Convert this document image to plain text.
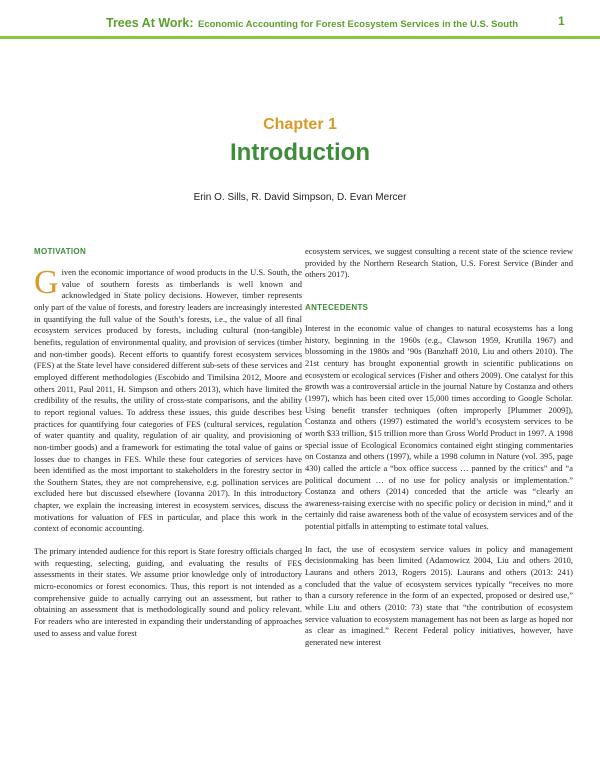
Trees At Work: Economic Accounting for Forest Ecosystem Services in the U.S. South	1
Chapter 1
Introduction
Erin O. Sills, R. David Simpson, D. Evan Mercer
MOTIVATION

Given the economic importance of wood products in the U.S. South, the value of southern forests as timberlands is well known and acknowledged in State policy decisions. However, timber represents only part of the value of forests, and forestry leaders are increasingly interested in quantifying the full value of the South’s forests, i.e., the value of all final ecosystem services produced by forests, including cultural (non-tangible) benefits, regulation of environmental quality, and provision of services (timber and non-timber goods). Recent efforts to quantify forest ecosystem services (FES) at the State level have considered different sub-sets of these services and employed different methodologies (Escobido and Timilsina 2012, Moore and others 2011, Paul 2011, H. Simpson and others 2013), which have limited the credibility of the results, the utility of cross-state comparisons, and the ability to report regional values. To address these issues, this guide describes best practices for quantifying four categories of FES (cultural services, regulation of water quantity and quality, regulation of air quality, and provisioning of non-timber goods) and a framework for estimating the total value of gains or losses due to changes in FES. While these four categories of services have been identified as the most important to stakeholders in the forestry sector in the Southern States, they are not comprehensive, e.g. pollination services are excluded here but discussed elsewhere (Iovanna 2017). In this introductory chapter, we explain the increasing interest in ecosystem services, discuss the motivations for valuation of FES in particular, and place this work in the context of economic accounting.

The primary intended audience for this report is State forestry officials charged with requesting, selecting, guiding, and evaluating the results of FES assessments in their states. We assume prior knowledge only of introductory micro-economics or forest economics. Thus, this report is not intended as a comprehensive guide to actually carrying out an assessment, but rather to obtaining an assessment that is methodologically sound and policy relevant. For readers who are interested in expanding their understanding of approaches used to assess and value forest

ecosystem services, we suggest consulting a recent state of the science review provided by the Northern Research Station, U.S. Forest Service (Binder and others 2017).

ANTECEDENTS

Interest in the economic value of changes to natural ecosystems has a long history, beginning in the 1960s (e.g., Clawson 1959, Krutilla 1967) and blossoming in the 1980s and ’90s (Banzhaff 2010, Liu and others 2010). The 21st century has brought exponential growth in scientific publications on ecosystem or ecological services (Fisher and others 2009). One catalyst for this growth was a controversial article in the journal Nature by Costanza and others (1997), which has been cited over 15,000 times according to Google Scholar. Using benefit transfer techniques (often improperly [Plummer 2009]), Costanza and others (1997) estimated the world’s ecosystem services to be worth $33 trillion, $15 trillion more than Gross World Product in 1997. A 1998 special issue of Ecological Economics contained eight stinging commentaries on Costanza and others (1997), while a 1998 column in Nature (vol. 395, page 430) called the article a “box office success … panned by the critics” and “a political document … of no use for policy analysis or implementation.” Costanza and others (2014) conceded that the article was “clearly an awareness-raising exercise with no specific policy or decision in mind,” and it certainly did raise awareness both of the value of ecosystem services and of the potential pitfalls in attempting to estimate total values.

In fact, the use of ecosystem service values in policy and management decisionmaking has been limited (Adamowicz 2004, Liu and others 2010, Laurans and others 2013, Rogers 2015). Laurans and others (2013: 241) concluded that the value of ecosystem services typically “receives no more than a cursory reference in the form of an expected, proposed or desired use,” while Liu and others (2010: 73) state that “the contribution of ecosystem service valuation to ecosystem management has not been as large as hoped nor as clear as imagined.” Recent Federal policy initiatives, however, have generated new interest
